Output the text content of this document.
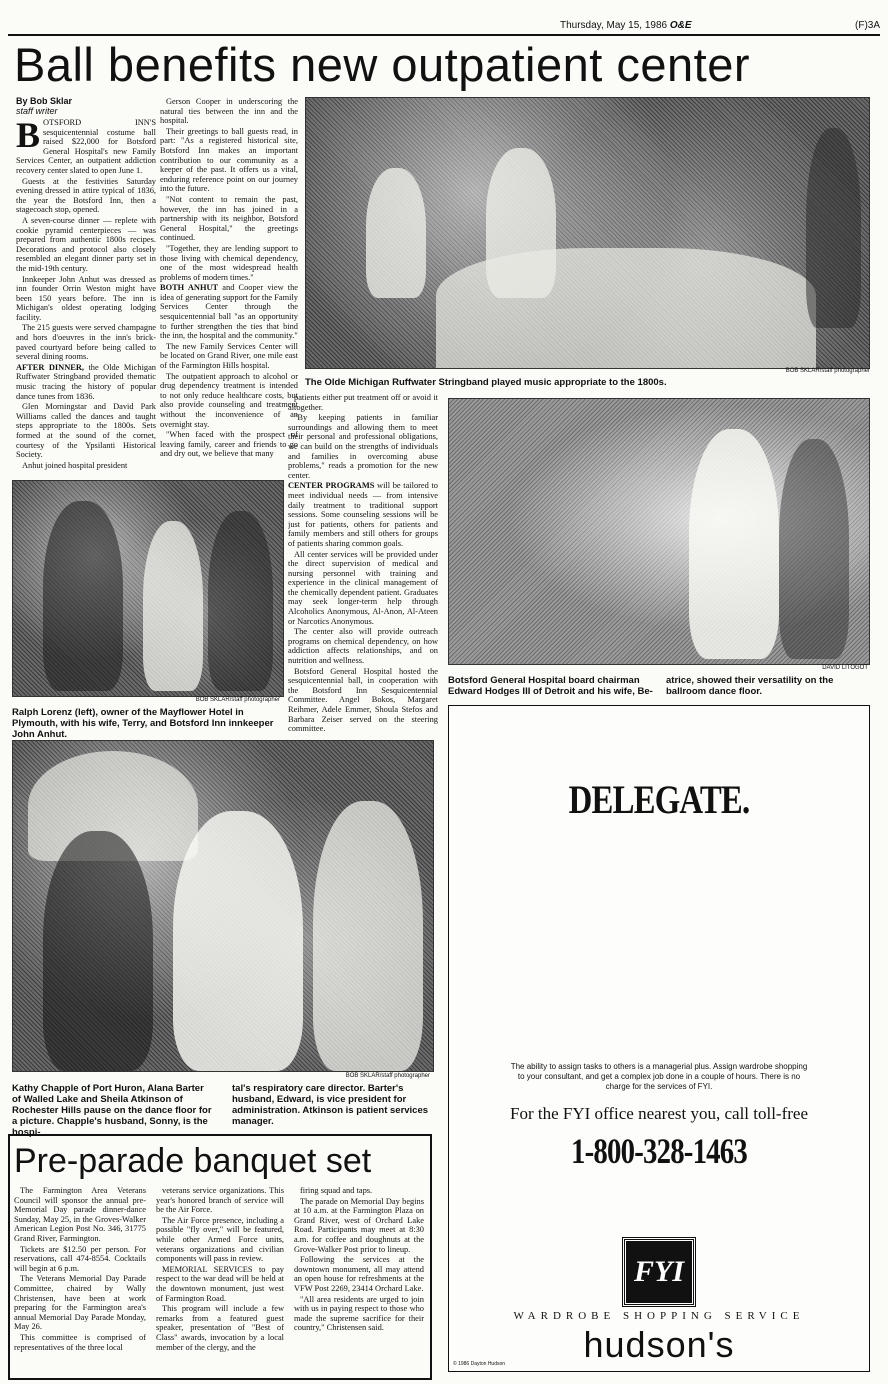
Thursday, May 15, 1986 O&E	(F)3A
Ball benefits new outpatient center
By Bob Sklar
staff writer

BOTSFORD INN'S sesquicentennial costume ball raised $22,000 for Botsford General Hospital's new Family Services Center, an outpatient addiction recovery center slated to open June 1.

Guests at the festivities Saturday evening dressed in attire typical of 1836, the year the Botsford Inn, then a stagecoach stop, opened.

A seven-course dinner — replete with cookie pyramid centerpieces — was prepared from authentic 1800s recipes. Decorations and protocol also closely resembled an elegant dinner party set in the mid-19th century.

Innkeeper John Anhut was dressed as inn founder Orrin Weston might have been 150 years before. The inn is Michigan's oldest operating lodging facility.

The 215 guests were served champagne and hors d'oeuvres in the inn's brick-paved courtyard before being called to several dining rooms.

AFTER DINNER, the Olde Michigan Ruffwater Stringband provided thematic music tracing the history of popular dance tunes from 1836.

Glen Morningstar and David Park Williams called the dances and taught steps appropriate to the 1800s. Sets formed at the sound of the cornet, courtesy of the Ypsilanti Historical Society.

Anhut joined hospital president

Gerson Cooper in underscoring the natural ties between the inn and the hospital.

Their greetings to ball guests read, in part: "As a registered historical site, Botsford Inn makes an important contribution to our community as a keeper of the past. It offers us a vital, enduring reference point on our journey into the future.

"Not content to remain the past, however, the inn has joined in a partnership with its neighbor, Botsford General Hospital," the greetings continued.

"Together, they are lending support to those living with chemical dependency, one of the most widespread health problems of modern times."

BOTH ANHUT and Cooper view the idea of generating support for the Family Services Center through the sesquicentennial ball "as an opportunity to further strengthen the ties that bind the inn, the hospital and the community."

The new Family Services Center will be located on Grand River, one mile east of the Farmington Hills hospital.

The outpatient approach to alcohol or drug dependency treatment is intended to not only reduce healthcare costs, but also provide counseling and treatment without the inconvenience of an overnight stay.

"When faced with the prospect of leaving family, career and friends to go and dry out, we believe that many

patients either put treatment off or avoid it altogether.

"By keeping patients in familiar surroundings and allowing them to meet their personal and professional obligations, we can build on the strengths of individuals and families in overcoming abuse problems," reads a promotion for the new center.

CENTER PROGRAMS will be tailored to meet individual needs — from intensive daily treatment to traditional support sessions. Some counseling sessions will be just for patients, others for patients and family members and still others for groups of patients sharing common goals.

All center services will be provided under the direct supervision of medical and nursing personnel with training and experience in the clinical management of the chemically dependent patient. Graduates may seek longer-term help through Alcoholics Anonymous, Al-Anon, Al-Ateen or Narcotics Anonymous.

The center also will provide outreach programs on chemical dependency, on how addiction affects relationships, and on nutrition and wellness.

Botsford General Hospital hosted the sesquicentennial ball, in cooperation with the Botsford Inn Sesquicentennial Committee. Angel Bokos, Margaret Reihmer, Adele Emmer, Shoula Stefos and Barbara Zeiser served on the steering committee.

BOB SKLAR/staff photographer
The Olde Michigan Ruffwater Stringband played music appropriate to the 1800s.
BOB SKLAR/staff photographer
Ralph Lorenz (left), owner of the Mayflower Hotel in Plymouth, with his wife, Terry, and Botsford Inn innkeeper John Anhut.
DAVID LITOGOT
Botsford General Hospital board chairman Edward Hodges III of Detroit and his wife, Be-
atrice, showed their versatility on the ballroom dance floor.
BOB SKLAR/staff photographer
Kathy Chapple of Port Huron, Alana Barter of Walled Lake and Sheila Atkinson of Rochester Hills pause on the dance floor for a picture. Chapple's husband, Sonny, is the hospi-
tal's respiratory care director. Barter's husband, Edward, is vice president for administration. Atkinson is patient services manager.
Pre-parade banquet set

The Farmington Area Veterans Council will sponsor the annual pre-Memorial Day parade dinner-dance Sunday, May 25, in the Groves-Walker American Legion Post No. 346, 31775 Grand River, Farmington.

Tickets are $12.50 per person. For reservations, call 474-8554. Cocktails will begin at 6 p.m.

The Veterans Memorial Day Parade Committee, chaired by Wally Christensen, have been at work preparing for the Farmington area's annual Memorial Day Parade Monday, May 26.

This committee is comprised of representatives of the three local

veterans service organizations. This year's honored branch of service will be the Air Force.

The Air Force presence, including a possible "fly over," will be featured, while other Armed Force units, veterans organizations and civilian components will pass in review.

MEMORIAL SERVICES to pay respect to the war dead will be held at the downtown monument, just west of Farmington Road.

This program will include a few remarks from a featured guest speaker, presentation of "Best of Class" awards, invocation by a local member of the clergy, and the

firing squad and taps.

The parade on Memorial Day begins at 10 a.m. at the Farmington Plaza on Grand River, west of Orchard Lake Road. Participants may meet at 8:30 a.m. for coffee and doughnuts at the Grove-Walker Post prior to lineup.

Following the services at the downtown monument, all may attend an open house for refreshments at the VFW Post 2269, 23414 Orchard Lake.

"All area residents are urged to join with us in paying respect to those who made the supreme sacrifice for their country," Christensen said.

DELEGATE.
The ability to assign tasks to others is a managerial plus. Assign wardrobe shopping to your consultant, and get a complex job done in a couple of hours. There is no charge for the services of FYI.
For the FYI office nearest you, call toll-free
1-800-328-1463
FYI
WARDROBE SHOPPING SERVICE
hudson's
© 1986 Dayton Hudson
